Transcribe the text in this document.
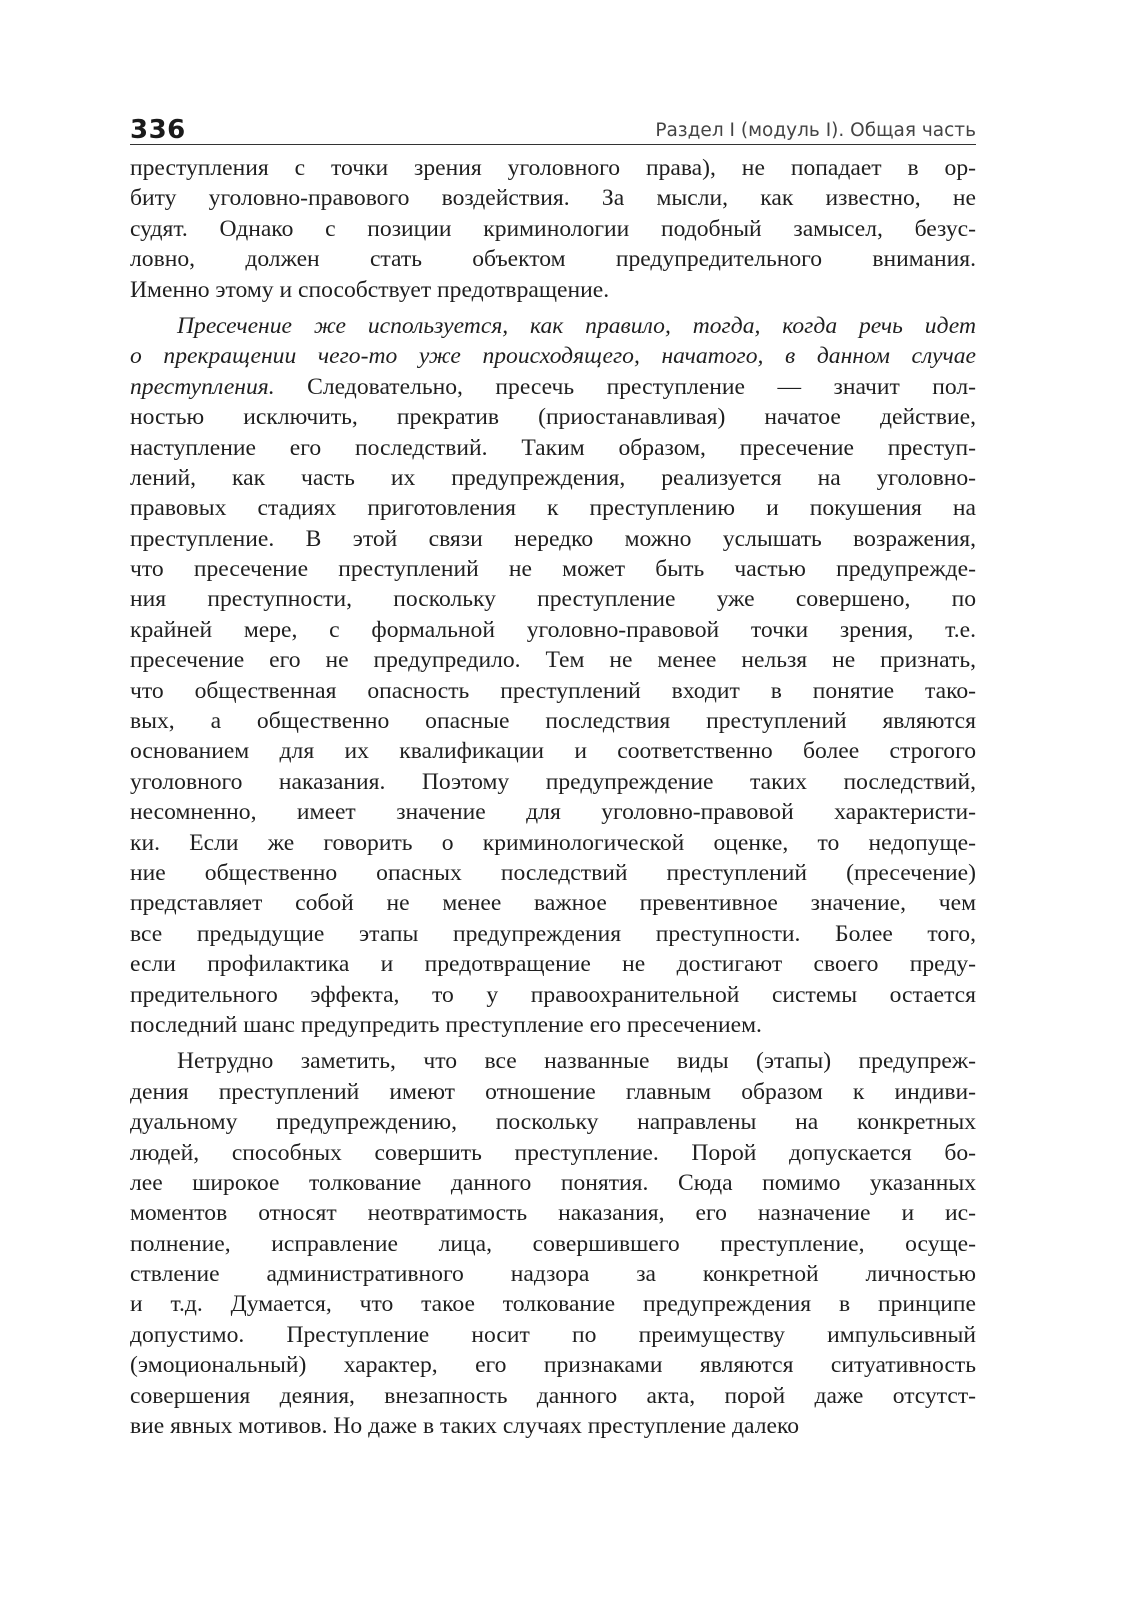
336	Раздел I (модуль I). Общая часть
преступления с точки зрения уголовного права), не попадает в ор-
биту уголовно-правового воздействия. За мысли, как известно, не
судят. Однако с позиции криминологии подобный замысел, безус-
ловно, должен стать объектом предупредительного внимания.
Именно этому и способствует предотвращение.
Пресечение же используется, как правило, тогда, когда речь идет
о прекращении чего-то уже происходящего, начатого, в данном случае
преступления. Следовательно, пресечь преступление — значит пол-
ностью исключить, прекратив (приостанавливая) начатое действие,
наступление его последствий. Таким образом, пресечение преступ-
лений, как часть их предупреждения, реализуется на уголовно-
правовых стадиях приготовления к преступлению и покушения на
преступление. В этой связи нередко можно услышать возражения,
что пресечение преступлений не может быть частью предупрежде-
ния преступности, поскольку преступление уже совершено, по
крайней мере, с формальной уголовно-правовой точки зрения, т.е.
пресечение его не предупредило. Тем не менее нельзя не признать,
что общественная опасность преступлений входит в понятие тако-
вых, а общественно опасные последствия преступлений являются
основанием для их квалификации и соответственно более строгого
уголовного наказания. Поэтому предупреждение таких последствий,
несомненно, имеет значение для уголовно-правовой характеристи-
ки. Если же говорить о криминологической оценке, то недопуще-
ние общественно опасных последствий преступлений (пресечение)
представляет собой не менее важное превентивное значение, чем
все предыдущие этапы предупреждения преступности. Более того,
если профилактика и предотвращение не достигают своего преду-
предительного эффекта, то у правоохранительной системы остается
последний шанс предупредить преступление его пресечением.
Нетрудно заметить, что все названные виды (этапы) предупреж-
дения преступлений имеют отношение главным образом к индиви-
дуальному предупреждению, поскольку направлены на конкретных
людей, способных совершить преступление. Порой допускается бо-
лее широкое толкование данного понятия. Сюда помимо указанных
моментов относят неотвратимость наказания, его назначение и ис-
полнение, исправление лица, совершившего преступление, осуще-
ствление административного надзора за конкретной личностью
и т.д. Думается, что такое толкование предупреждения в принципе
допустимо. Преступление носит по преимуществу импульсивный
(эмоциональный) характер, его признаками являются ситуативность
совершения деяния, внезапность данного акта, порой даже отсутст-
вие явных мотивов. Но даже в таких случаях преступление далеко
